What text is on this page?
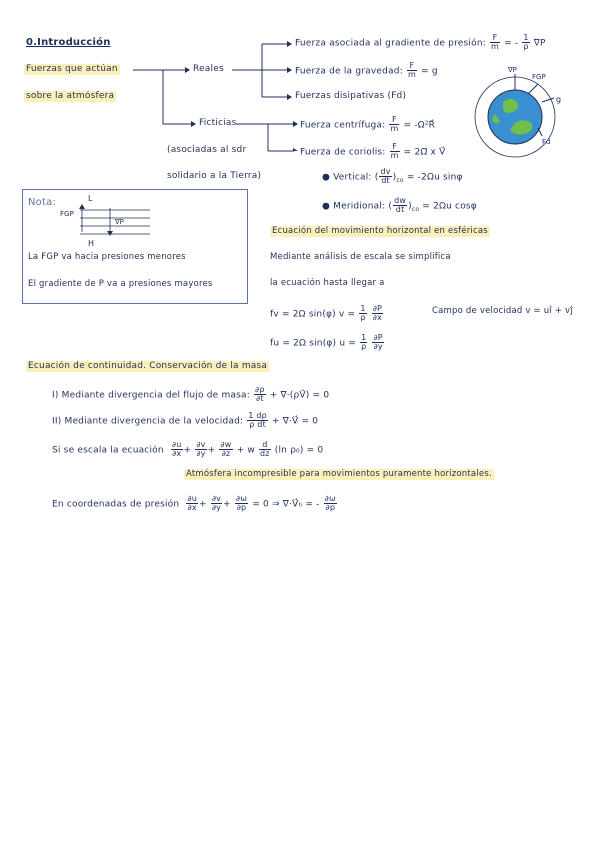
0.Introducción
Fuerzas que actúan
sobre la atmósfera
Reales
Ficticias
(asociadas al sdr
solidario a la Tierra)
Fuerza asociada al gradiente de presión: $\frac{F}{m}$ = - $\frac{1}{\rho} \nabla P$
Fuerza de la gravedad: $\frac{F}{m} = g$
Fuerzas disipativas (Fd)
Fuerza centrífuga: $\frac{F}{m}$ = -Ω²R⃗
Fuerza de coriolis: $\frac{F}{m}$ = 2Ω⃗ x V⃗
● Vertical: ( $\frac{dv}{dt} )_{co} = -2\Omega u$ sinφ
● Meridional: ( $\frac{dw}{dt} )_{co} = 2\Omega u$ cosφ
∇P
FGP
g
Fd
Nota:	L
H
FGP
∇P
La FGP va hacia presiones menores
El gradiente de P va a presiones mayores
Ecuación del movimiento horizontal en esféricas
Mediante análisis de escala se simplifica
la ecuación hasta llegar a
fv = 2Ω sin(φ) $v = \frac{1}{\rho}$
$\frac{\partial P}{\partial x}$
fu = 2Ω sin(φ) $u = \frac{1}{\rho}$
$\frac{\partial P}{\partial y}$
Campo de velocidad v = uî + vĵ
Ecuación de continuidad. Conservación de la masa
I) Mediante divergencia del flujo de masa: $\frac{\partial\rho}{\partial t}$ + ∇·(ρV⃗) = 0
II) Mediante divergencia de la velocidad: $\frac{1 d\rho}{\text{ρ dt}}$ + ∇·V⃗ = 0
Si se escala la ecuación $\frac{\partial u}{\partial x} + \frac{\partial v}{\partial y} + \frac{\partial w}{\partial z} + w \frac{d}{dz} (\ln$ ρ₀) = 0
Atmósfera incompresible para movimientos puramente horizontales.
En coordenadas de presión $\frac{\partial u}{\partial x} + \frac{\partial v}{\partial y} + \frac{\partial\omega}{\partial p} = 0$ ⇒ ∇·V⃗ₕ = - $\frac{\partial\omega}{\partial p}$
